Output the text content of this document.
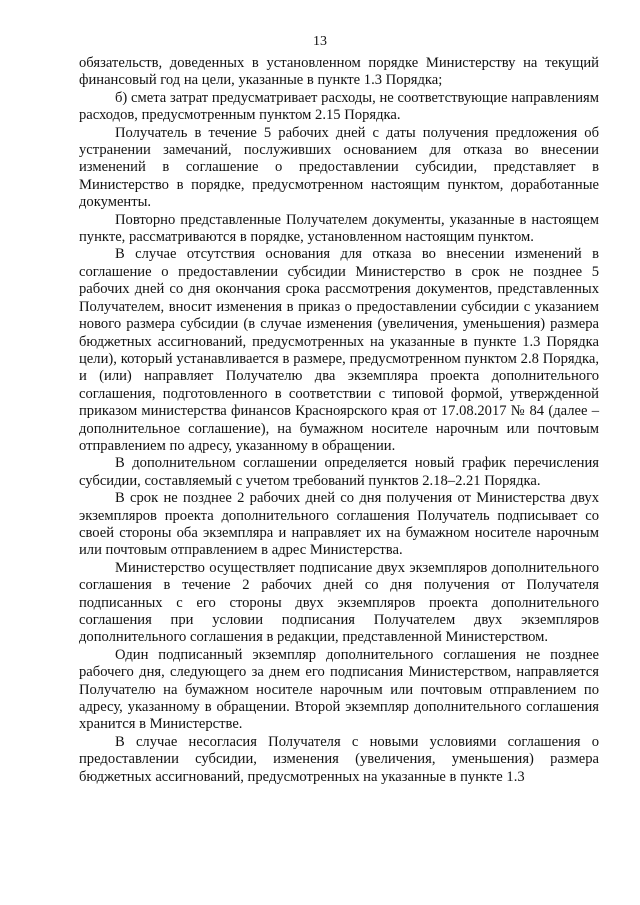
13

обязательств, доведенных в установленном порядке Министерству на текущий финансовый год на цели, указанные в пункте 1.3 Порядка;

б) смета затрат предусматривает расходы, не соответствующие направлениям расходов, предусмотренным пунктом 2.15 Порядка.

Получатель в течение 5 рабочих дней с даты получения предложения об устранении замечаний, послуживших основанием для отказа во внесении изменений в соглашение о предоставлении субсидии, представляет в Министерство в порядке, предусмотренном настоящим пунктом, доработанные документы.

Повторно представленные Получателем документы, указанные в настоящем пункте, рассматриваются в порядке, установленном настоящим пунктом.

В случае отсутствия основания для отказа во внесении изменений в соглашение о предоставлении субсидии Министерство в срок не позднее 5 рабочих дней со дня окончания срока рассмотрения документов, представленных Получателем, вносит изменения в приказ о предоставлении субсидии с указанием нового размера субсидии (в случае изменения (увеличения, уменьшения) размера бюджетных ассигнований, предусмотренных на указанные в пункте 1.3 Порядка цели), который устанавливается в размере, предусмотренном пунктом 2.8 Порядка, и (или) направляет Получателю два экземпляра проекта дополнительного соглашения, подготовленного в соответствии с типовой формой, утвержденной приказом министерства финансов Красноярского края от 17.08.2017 № 84 (далее – дополнительное соглашение), на бумажном носителе нарочным или почтовым отправлением по адресу, указанному в обращении.

В дополнительном соглашении определяется новый график перечисления субсидии, составляемый с учетом требований пунктов 2.18–2.21 Порядка.

В срок не позднее 2 рабочих дней со дня получения от Министерства двух экземпляров проекта дополнительного соглашения Получатель подписывает со своей стороны оба экземпляра и направляет их на бумажном носителе нарочным или почтовым отправлением в адрес Министерства.

Министерство осуществляет подписание двух экземпляров дополнительного соглашения в течение 2 рабочих дней со дня получения от Получателя подписанных с его стороны двух экземпляров проекта дополнительного соглашения при условии подписания Получателем двух экземпляров дополнительного соглашения в редакции, представленной Министерством.

Один подписанный экземпляр дополнительного соглашения не позднее рабочего дня, следующего за днем его подписания Министерством, направляется Получателю на бумажном носителе нарочным или почтовым отправлением по адресу, указанному в обращении. Второй экземпляр дополнительного соглашения хранится в Министерстве.

В случае несогласия Получателя с новыми условиями соглашения о предоставлении субсидии, изменения (увеличения, уменьшения) размера бюджетных ассигнований, предусмотренных на указанные в пункте 1.3
